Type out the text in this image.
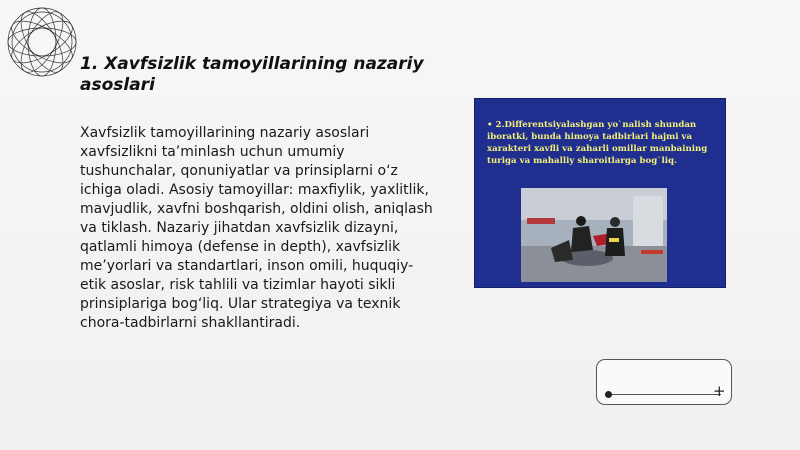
1. Xavfsizlik tamoyillarining nazariy asoslari

Xavfsizlik tamoyillarining nazariy asoslari xavfsizlikni ta’minlash uchun umumiy tushunchalar, qonuniyatlar va prinsiplarni o‘z ichiga oladi. Asosiy tamoyillar: maxfiylik, yaxlitlik, mavjudlik, xavfni boshqarish, oldini olish, aniqlash va tiklash. Nazariy jihatdan xavfsizlik dizayni, qatlamli himoya (defense in depth), xavfsizlik me’yorlari va standartlari, inson omili, huquqiy-etik asoslar, risk tahlili va tizimlar hayoti sikli prinsiplariga bog‘liq. Ular strategiya va texnik chora-tadbirlarni shakllantiradi.

• 2.Differentsiyalashgan yo`nalish shundan iboratki, bunda himoya tadbirlari hajmi va xarakteri xavfli va zaharli omillar manbaining turiga va mahalliy sharoitlarga bog`liq.

+
